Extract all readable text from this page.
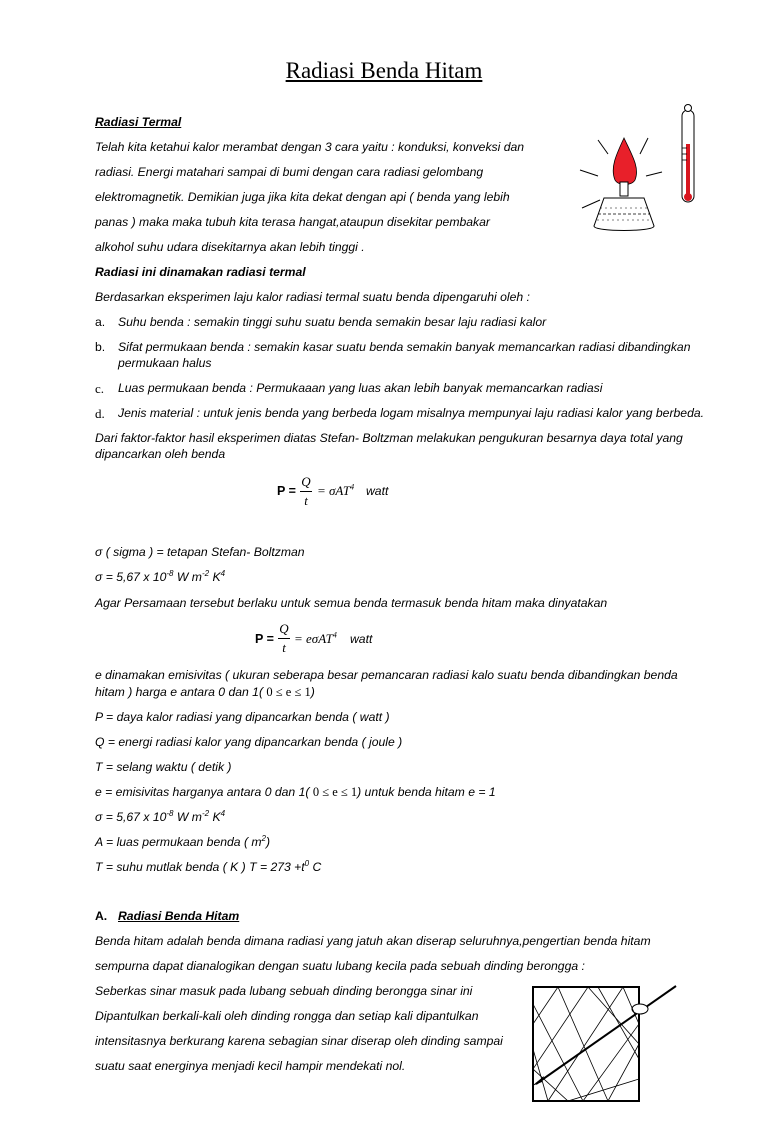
Radiasi Benda Hitam
Radiasi Termal
Telah kita ketahui kalor merambat dengan 3 cara yaitu : konduksi, konveksi dan
radiasi. Energi matahari sampai di bumi dengan cara radiasi gelombang
elektromagnetik. Demikian juga jika kita dekat dengan api ( benda yang lebih
panas ) maka maka tubuh kita terasa hangat,ataupun disekitar pembakar
alkohol suhu udara disekitarnya akan lebih tinggi .
Radiasi ini dinamakan radiasi termal
Berdasarkan eksperimen laju kalor radiasi termal suatu benda dipengaruhi oleh :
a. Suhu benda : semakin tinggi suhu suatu benda semakin besar laju radiasi kalor
b. Sifat permukaan benda : semakin kasar suatu benda semakin banyak memancarkan radiasi dibandingkan
permukaan halus
c. Luas permukaan benda : Permukaaan yang luas akan lebih banyak memancarkan radiasi
d. Jenis material : untuk jenis benda yang berbeda logam misalnya mempunyai laju radiasi kalor yang berbeda.
Dari faktor-faktor hasil eksperimen diatas Stefan- Boltzman melakukan pengukuran besarnya daya total yang
dipancarkan oleh benda
P =
Q
t
= σAT$^4$ watt
σ ( sigma ) = tetapan Stefan- Boltzman
σ = 5,67 x $10^{-8}$ W $m^{-2}$ $K^4$
Agar Persamaan tersebut berlaku untuk semua benda termasuk benda hitam maka dinyatakan
P =
Q
t
= eσAT$^4$ watt
e dinamakan emisivitas ( ukuran seberapa besar pemancaran radiasi kalo suatu benda dibandingkan benda
hitam ) harga e antara 0 dan 1( 0 ≤ e ≤ 1)
P = daya kalor radiasi yang dipancarkan benda ( watt )
Q = energi radiasi kalor yang dipancarkan benda ( joule )
T = selang waktu ( detik )
e = emisivitas harganya antara 0 dan 1( 0 ≤ e ≤ 1) untuk benda hitam e = 1
σ = 5,67 x $10^{-8}$ W $m^{-2}$ $K^4$
A = luas permukaan benda ( $m^2$)
T = suhu mutlak benda ( K ) $T = 273 +t^0$ C
A. Radiasi Benda Hitam
Benda hitam adalah benda dimana radiasi yang jatuh akan diserap seluruhnya,pengertian benda hitam
sempurna dapat dianalogikan dengan suatu lubang kecila pada sebuah dinding berongga :
Seberkas sinar masuk pada lubang sebuah dinding berongga sinar ini
Dipantulkan berkali-kali oleh dinding rongga dan setiap kali dipantulkan
intensitasnya berkurang karena sebagian sinar diserap oleh dinding sampai
suatu saat energinya menjadi kecil hampir mendekati nol.
